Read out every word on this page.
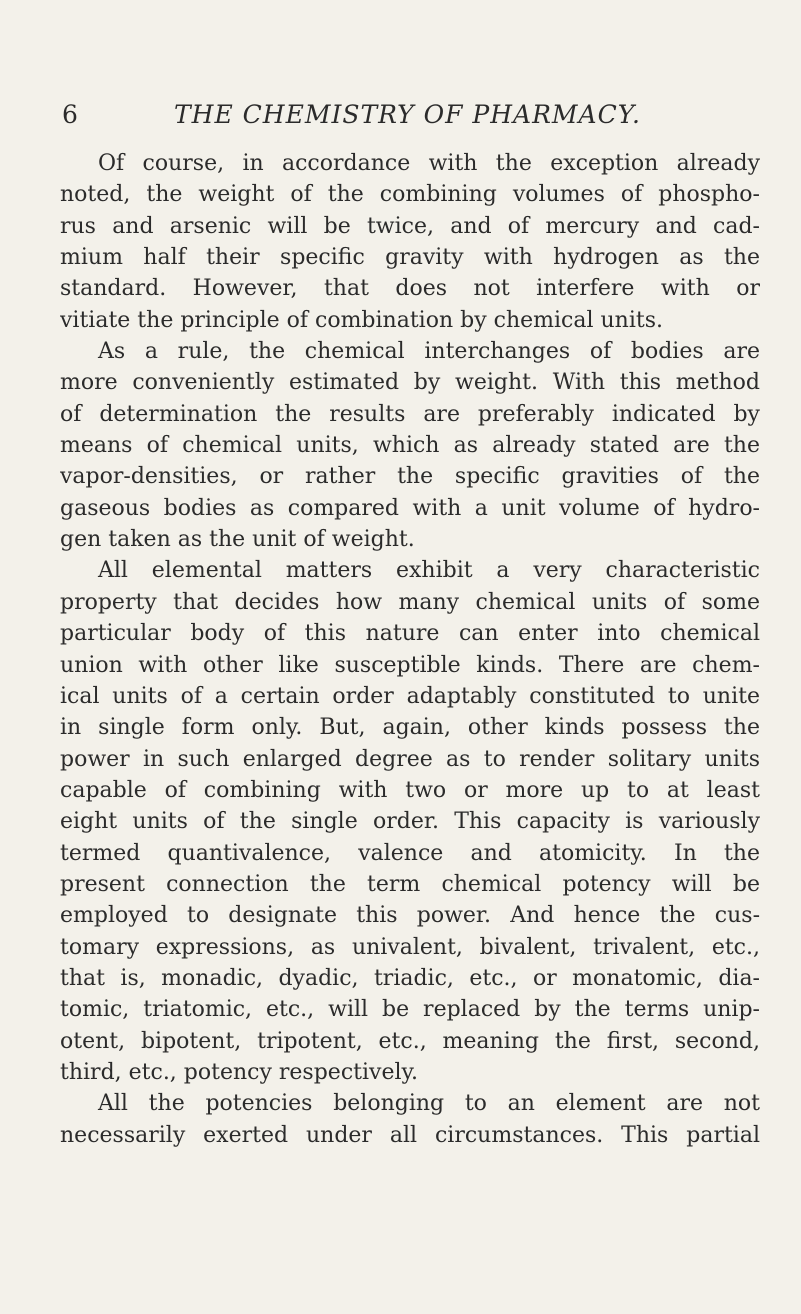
6	THE CHEMISTRY OF PHARMACY.
Of course, in accordance with the exception already
noted, the weight of the combining volumes of phospho-
rus and arsenic will be twice, and of mercury and cad-
mium half their specific gravity with hydrogen as the
standard. However, that does not interfere with or
vitiate the principle of combination by chemical units.
As a rule, the chemical interchanges of bodies are
more conveniently estimated by weight. With this method
of determination the results are preferably indicated by
means of chemical units, which as already stated are the
vapor-densities, or rather the specific gravities of the
gaseous bodies as compared with a unit volume of hydro-
gen taken as the unit of weight.
All elemental matters exhibit a very characteristic
property that decides how many chemical units of some
particular body of this nature can enter into chemical
union with other like susceptible kinds. There are chem-
ical units of a certain order adaptably constituted to unite
in single form only. But, again, other kinds possess the
power in such enlarged degree as to render solitary units
capable of combining with two or more up to at least
eight units of the single order. This capacity is variously
termed quantivalence, valence and atomicity. In the
present connection the term chemical potency will be
employed to designate this power. And hence the cus-
tomary expressions, as univalent, bivalent, trivalent, etc.,
that is, monadic, dyadic, triadic, etc., or monatomic, dia-
tomic, triatomic, etc., will be replaced by the terms unip-
otent, bipotent, tripotent, etc., meaning the first, second,
third, etc., potency respectively.
All the potencies belonging to an element are not
necessarily exerted under all circumstances. This partial
